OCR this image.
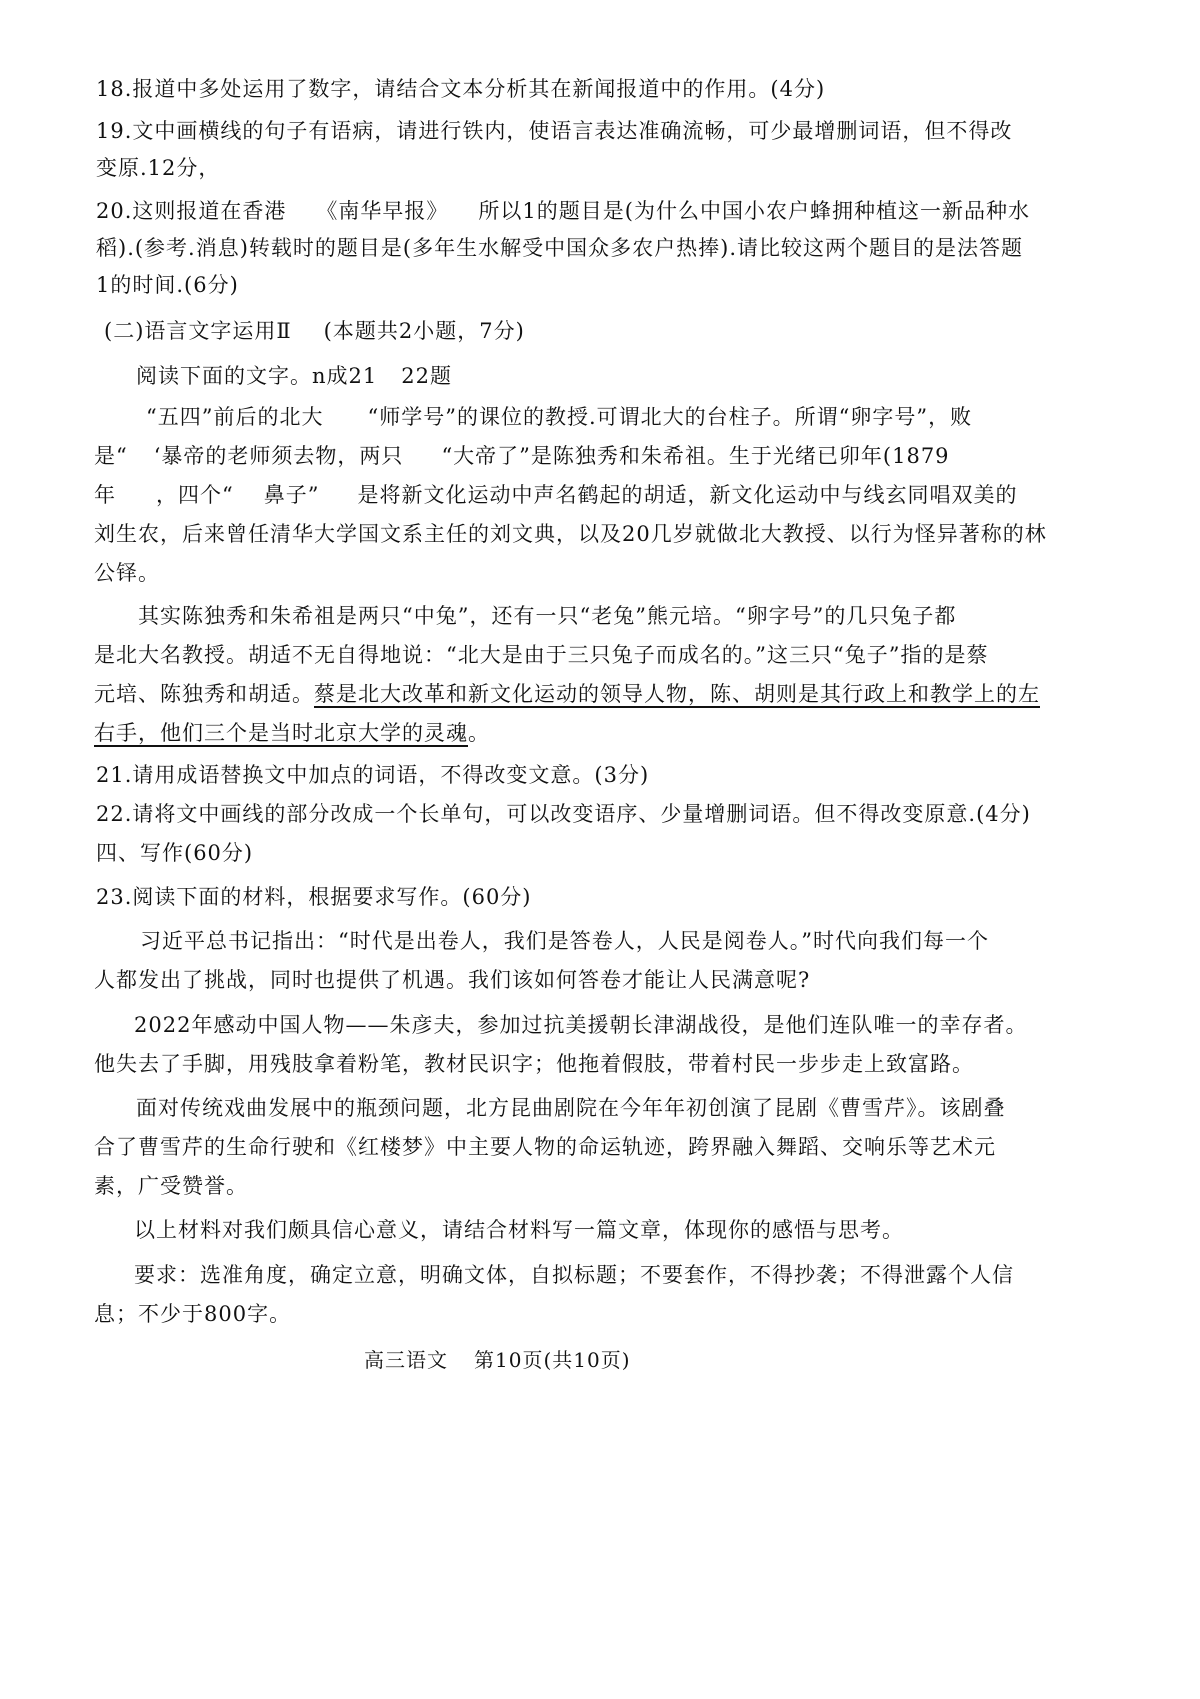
18.报道中多处运用了数字，请结合文本分析其在新闻报道中的作用。(4分)
19.文中画横线的句子有语病，请进行铁内，使语言表达准确流畅，可少最增删词语，但不得改
变原.12分，
20.这则报道在香港 《南华早报》 所以1的题目是(为什么中国小农户蜂拥种植这一新品种水
稻).(参考.消息)转载时的题目是(多年生水解受中国众多农户热捧).请比较这两个题目的是法答题
1的时间.(6分)
(二)语言文字运用Ⅱ (本题共2小题，7分)
阅读下面的文字。n成21 22题
“五四”前后的北大 “师学号”的课位的教授.可谓北大的台柱子。所谓“卵字号”，败
是“ ‘暴帝的老师须去物，两只 “大帝了”是陈独秀和朱希祖。生于光绪已卯年(1879
年 ，四个“ 鼻子” 是将新文化运动中声名鹤起的胡适，新文化运动中与线玄同唱双美的
刘生农，后来曾任清华大学国文系主任的刘文典，以及20几岁就做北大教授、以行为怪异著称的林
公铎。
其实陈独秀和朱希祖是两只“中兔”，还有一只“老兔”熊元培。“卵字号”的几只兔子都
是北大名教授。胡适不无自得地说：“北大是由于三只兔子而成名的。”这三只“兔子”指的是蔡
元培、陈独秀和胡适。蔡是北大改革和新文化运动的领导人物，陈、胡则是其行政上和教学上的左
右手，他们三个是当时北京大学的灵魂。
21.请用成语替换文中加点的词语，不得改变文意。(3分)
22.请将文中画线的部分改成一个长单句，可以改变语序、少量增删词语。但不得改变原意.(4分)
四、写作(60分)
23.阅读下面的材料，根据要求写作。(60分)
习近平总书记指出：“时代是出卷人，我们是答卷人，人民是阅卷人。”时代向我们每一个
人都发出了挑战，同时也提供了机遇。我们该如何答卷才能让人民满意呢?
2022年感动中国人物——朱彦夫，参加过抗美援朝长津湖战役，是他们连队唯一的幸存者。
他失去了手脚，用残肢拿着粉笔，教材民识字；他拖着假肢，带着村民一步步走上致富路。
面对传统戏曲发展中的瓶颈问题，北方昆曲剧院在今年年初创演了昆剧《曹雪芹》。该剧叠
合了曹雪芹的生命行驶和《红楼梦》中主要人物的命运轨迹，跨界融入舞蹈、交响乐等艺术元
素，广受赞誉。
以上材料对我们颇具信心意义，请结合材料写一篇文章，体现你的感悟与思考。
要求：选准角度，确定立意，明确文体，自拟标题；不要套作，不得抄袭；不得泄露个人信
息；不少于800字。
高三语文 第10页(共10页)
